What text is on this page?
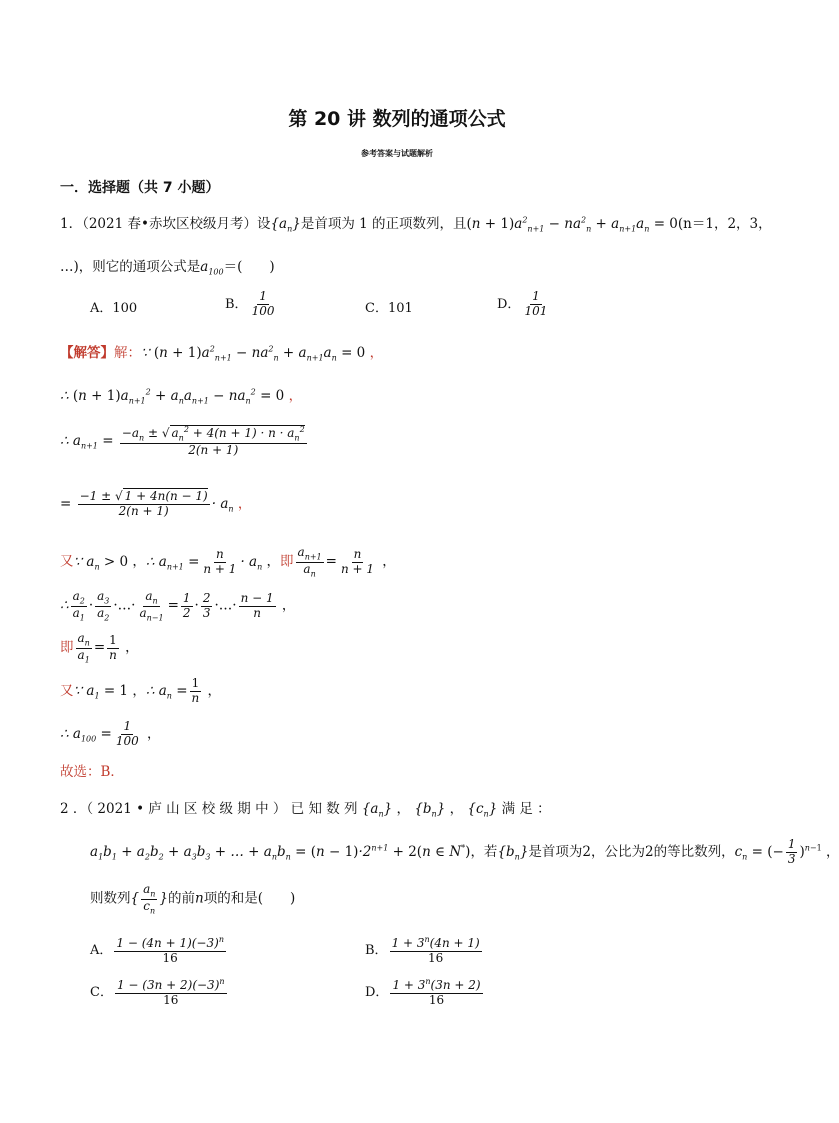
第 20 讲 数列的通项公式
参考答案与试题解析
一．选择题（共 7 小题）
1．（2021 春•赤坎区校级月考）设$\{a_n\}$是首项为 1 的正项数列，且$(n + 1)a^2_{n+1} - na^2_n + a_{n+1}a_n = 0(n=1$，2，3，
…)，则它的通项公式是$a_{100}=$(　　)
A．100	B． $\frac{1}{100}$	C．101	D． $\frac{1}{101}$
【解答】解：∵ $(n + 1)a^2_{n+1} - na^2_n + a_{n+1}a_n = 0$ ，
∴ $(n + 1)a_{n+1}^2 + a_na_{n+1} - na_n^2 = 0$ ，
∴ $a_{n+1} = \frac{-a_n \pm √ a_n^2 + 4(n + 1) \cdot n \cdot a_n^2}{2(n + 1)}$
= $\frac{-1 \pm √ 1 + 4n(n - 1)}{2(n + 1)} \cdot a_n$ ，
又∵ $a_n > 0$ ，∴ $a_{n+1} = \frac{n}{n + 1} \cdot a_n$ ，即 $\frac{a_{n+1}}{a_n} = \frac{n}{n + 1}$ ，
∴ $\frac{a_2}{a_1} \cdot \frac{a_3}{a_2}$ ·…· $\frac{a_n}{a_{n-1}} = \frac{1}{2} \cdot \frac{2}{3}$ ·…· $\frac{n - 1}{n}$ ，
即 $\frac{a_n}{a_1} = \frac{1}{n}$ ，
又∵ $a_1 = 1$ ，∴ $a_n = \frac{1}{n}$ ，
∴ $a_{100} = \frac{1}{100}$ ，
故选：B．
2 ．（ 2021 • 庐 山 区 校 级 期 中 ） 已 知 数 列 $\{a_n\}$ ， $\{b_n\}$ ， $\{c_n\}$ 满 足 ：
$a_1b_1 + a_2b_2 + a_3b_3$ + … + $a_nb_n = (n - 1)\cdot 2^{n+1} + 2(n$ ∈ N*)，若$\{b_n\}$是首项为2，公比为2的等比数列，$c_n$ = (− $\frac{1}{3} )^{n-1}$ ，
则数列{ $\frac{a_n}{c_n}$ }的前n项的和是(　　)
A． $\frac{1 - (4n + 1)(-3)^n}{16}$	B． $\frac{1 + 3^n(4n + 1)}{16}$
C． $\frac{1 - (3n + 2)(-3)^n}{16}$	D． $\frac{1 + 3^n(3n + 2)}{16}$
